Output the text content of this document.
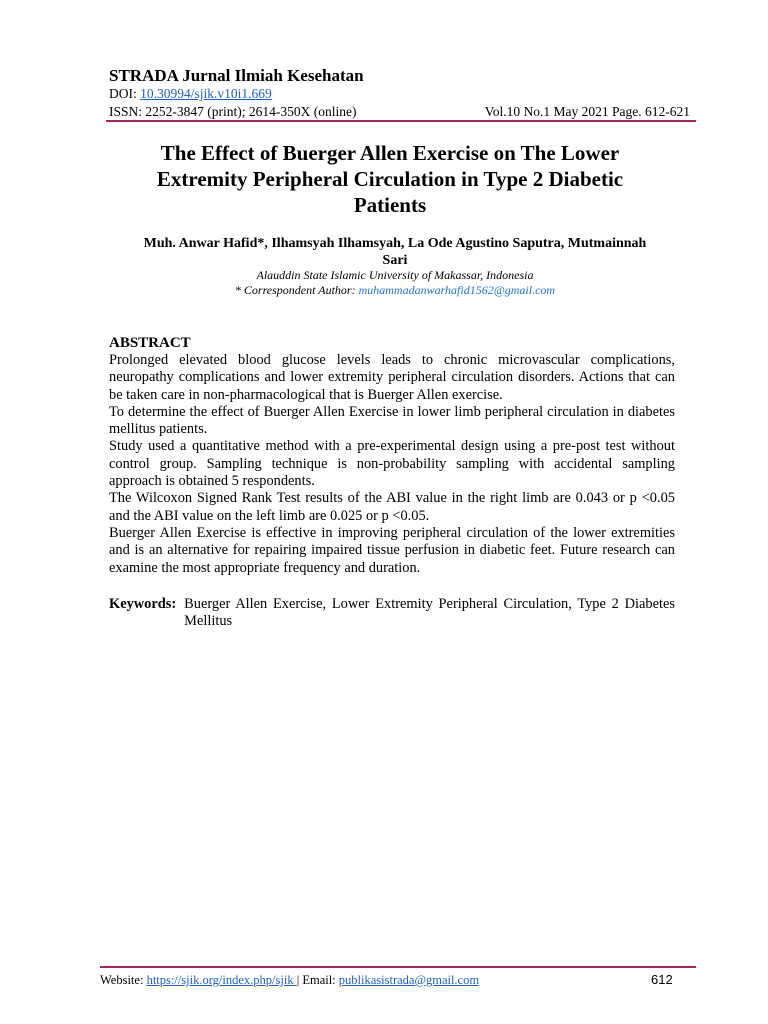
STRADA Jurnal Ilmiah Kesehatan
DOI: 10.30994/sjik.v10i1.669
ISSN: 2252-3847 (print); 2614-350X (online)	Vol.10 No.1 May 2021 Page. 612-621
The Effect of Buerger Allen Exercise on The Lower Extremity Peripheral Circulation in Type 2 Diabetic Patients
Muh. Anwar Hafid*, Ilhamsyah Ilhamsyah, La Ode Agustino Saputra, Mutmainnah Sari
Alauddin State Islamic University of Makassar, Indonesia
* Correspondent Author: muhammadanwarhafid1562@gmail.com
ABSTRACT

Prolonged elevated blood glucose levels leads to chronic microvascular complications, neuropathy complications and lower extremity peripheral circulation disorders. Actions that can be taken care in non-pharmacological that is Buerger Allen exercise.

To determine the effect of Buerger Allen Exercise in lower limb peripheral circulation in diabetes mellitus patients.

Study used a quantitative method with a pre-experimental design using a pre-post test without control group. Sampling technique is non-probability sampling with accidental sampling approach is obtained 5 respondents.

The Wilcoxon Signed Rank Test results of the ABI value in the right limb are 0.043 or p <0.05 and the ABI value on the left limb are 0.025 or p <0.05.

Buerger Allen Exercise is effective in improving peripheral circulation of the lower extremities and is an alternative for repairing impaired tissue perfusion in diabetic feet. Future research can examine the most appropriate frequency and duration.

Keywords: Buerger Allen Exercise, Lower Extremity Peripheral Circulation, Type 2 Diabetes Mellitus
Website: https://sjik.org/index.php/sjik | Email: publikasistrada@gmail.com	612
